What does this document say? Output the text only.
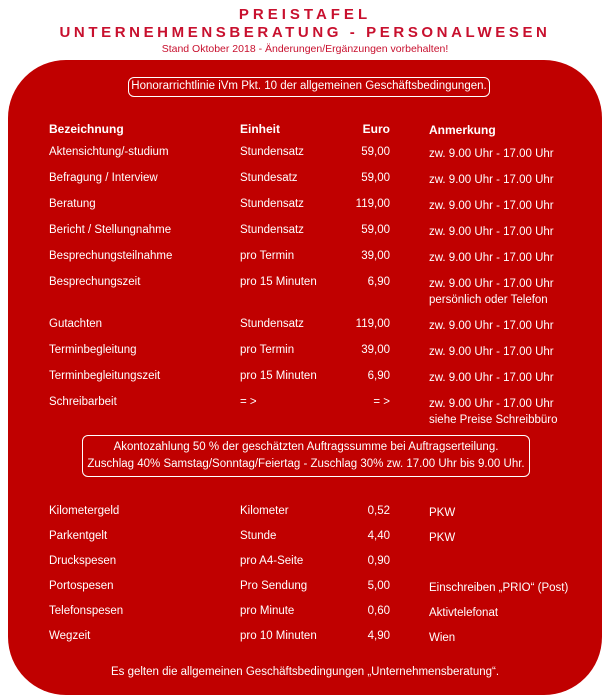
PREISTAFEL
UNTERNEHMENSBERATUNG - PERSONALWESEN
Stand Oktober 2018 - Änderungen/Ergänzungen vorbehalten!
Honorarrichtlinie iVm Pkt. 10 der allgemeinen Geschäftsbedingungen.
Bezeichnung	Einheit	Euro	Anmerkung
Aktensichtung/-studium	Stundensatz	59,00	zw. 9.00 Uhr - 17.00 Uhr
Befragung / Interview	Stundesatz	59,00	zw. 9.00 Uhr - 17.00 Uhr
Beratung	Stundensatz	119,00	zw. 9.00 Uhr - 17.00 Uhr
Bericht / Stellungnahme	Stundensatz	59,00	zw. 9.00 Uhr - 17.00 Uhr
Besprechungsteilnahme	pro Termin	39,00	zw. 9.00 Uhr - 17.00 Uhr
Besprechungszeit	pro 15 Minuten	6,90	zw. 9.00 Uhr - 17.00 Uhr
persönlich oder Telefon
Gutachten	Stundensatz	119,00	zw. 9.00 Uhr - 17.00 Uhr
Terminbegleitung	pro Termin	39,00	zw. 9.00 Uhr - 17.00 Uhr
Terminbegleitungszeit	pro 15 Minuten	6,90	zw. 9.00 Uhr - 17.00 Uhr
Schreibarbeit	= >	= >	zw. 9.00 Uhr - 17.00 Uhr
siehe Preise Schreibbüro
Akontozahlung 50 % der geschätzten Auftragssumme bei Auftragserteilung.
Zuschlag 40% Samstag/Sonntag/Feiertag - Zuschlag 30% zw. 17.00 Uhr bis 9.00 Uhr.
Kilometergeld	Kilometer	0,52	PKW
Parkentgelt	Stunde	4,40	PKW
Druckspesen	pro A4-Seite	0,90
Portospesen	Pro Sendung	5,00	Einschreiben „PRIO“ (Post)
Telefonspesen	pro Minute	0,60	Aktivtelefonat
Wegzeit	pro 10 Minuten	4,90	Wien
Es gelten die allgemeinen Geschäftsbedingungen „Unternehmensberatung“.
